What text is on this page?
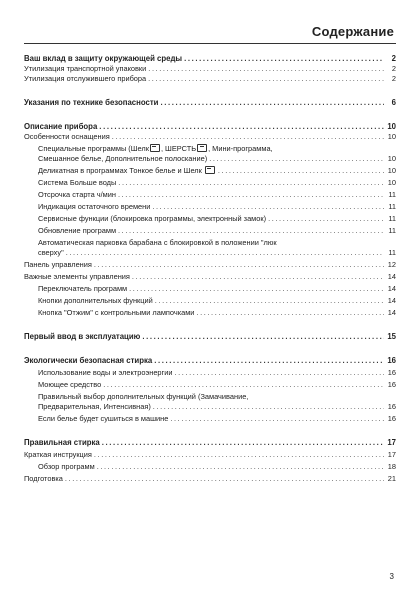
Содержание
Ваш вклад в защиту окружающей среды .....	2
Утилизация транспортной упаковки .....	2
Утилизация отслужившего прибора .....	2
Указания по технике безопасности .....	6
Описание прибора .....	10
Особенности оснащения .....	10
Специальные программы (Шелк , ШЕРСТЬ , Мини-программа,
Смешанное белье, Дополнительное полоскание) .....	10
Деликатная в программах Тонкое белье и Шелк .....	10
Система Больше воды .....	10
Отсрочка старта ч/мин .....	11
Индикация остаточного времени .....	11
Сервисные функции (блокировка программы, электронный замок) .....	11
Обновление программ .....	11
Автоматическая парковка барабана с блокировкой в положении "люк
сверху" .....	11
Панель управления .....	12
Важные элементы управления .....	14
Переключатель программ .....	14
Кнопки дополнительных функций .....	14
Кнопка "Отжим" с контрольными лампочками .....	14
Первый ввод в эксплуатацию .....	15
Экологически безопасная стирка .....	16
Использование воды и электроэнергии .....	16
Моющее средство .....	16
Правильный выбор дополнительных функций (Замачивание,
Предварительная, Интенсивная) .....	16
Если белье будет сушиться в машине .....	16
Правильная стирка .....	17
Краткая инструкция .....	17
Обзор программ .....	18
Подготовка .....	21
3
